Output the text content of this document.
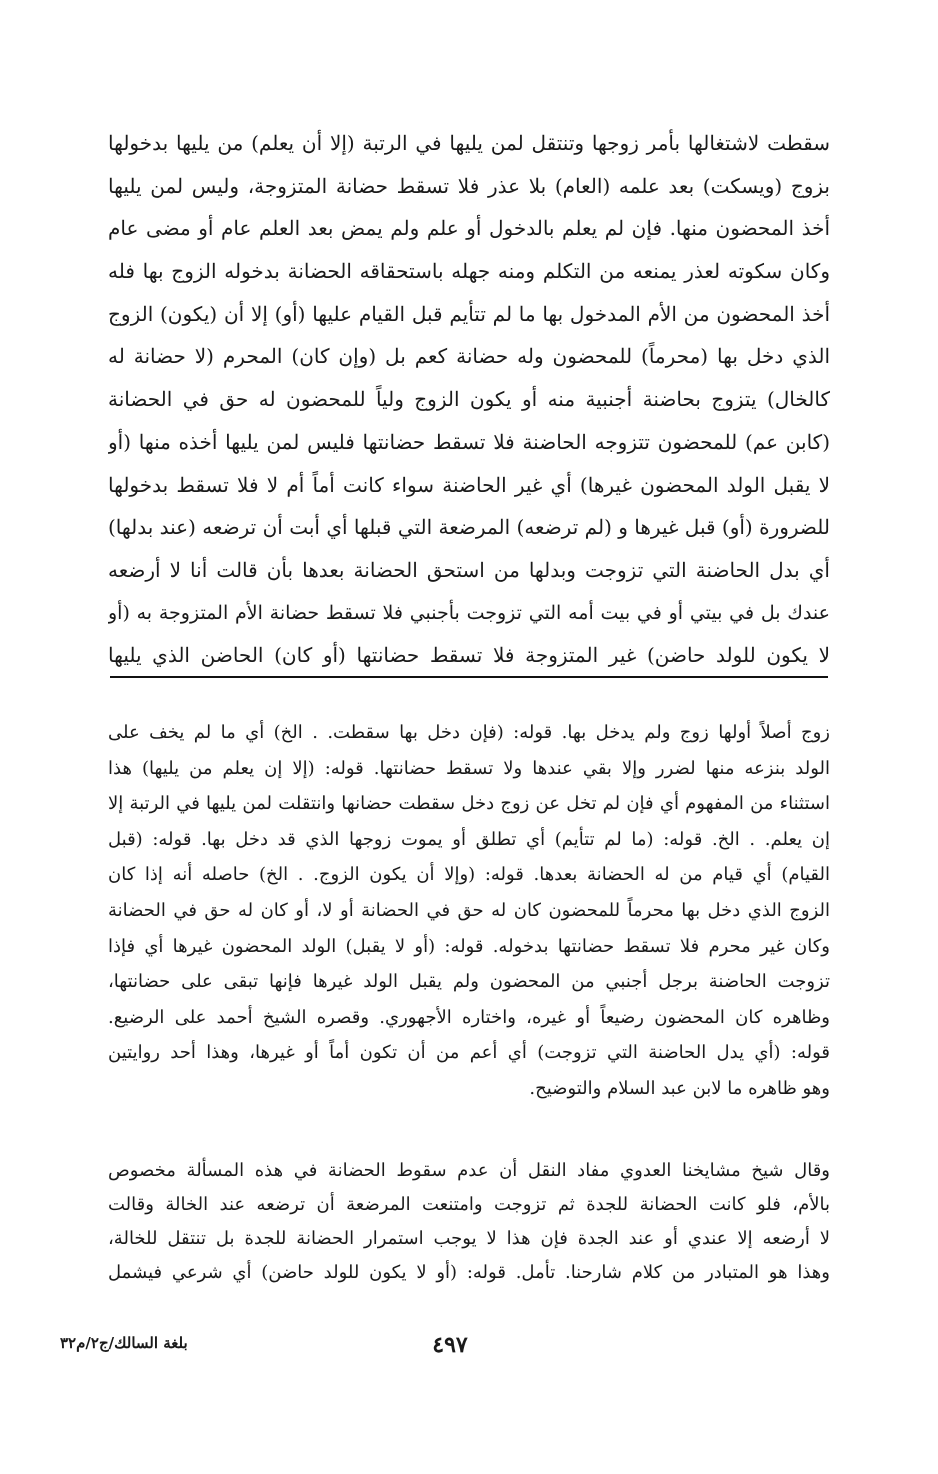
سقطت لاشتغالها بأمر زوجها وتنتقل لمن يليها في الرتبة (إلا أن يعلم) من يليها بدخولها
بزوج (ويسكت) بعد علمه (العام) بلا عذر فلا تسقط حضانة المتزوجة، وليس لمن يليها
أخذ المحضون منها. فإن لم يعلم بالدخول أو علم ولم يمض بعد العلم عام أو مضى عام
وكان سكوته لعذر يمنعه من التكلم ومنه جهله باستحقاقه الحضانة بدخوله الزوج بها فله
أخذ المحضون من الأم المدخول بها ما لم تتأيم قبل القيام عليها (أو) إلا أن (يكون) الزوج
الذي دخل بها (محرماً) للمحضون وله حضانة كعم بل (وإن كان) المحرم (لا حضانة له
كالخال) يتزوج بحاضنة أجنبية منه أو يكون الزوج ولياً للمحضون له حق في الحضانة
(كابن عم) للمحضون تتزوجه الحاضنة فلا تسقط حضانتها فليس لمن يليها أخذه منها (أو
لا يقبل الولد المحضون غيرها) أي غير الحاضنة سواء كانت أماً أم لا فلا تسقط بدخولها
للضرورة (أو) قبل غيرها و (لم ترضعه) المرضعة التي قبلها أي أبت أن ترضعه (عند بدلها)
أي بدل الحاضنة التي تزوجت وبدلها من استحق الحضانة بعدها بأن قالت أنا لا أرضعه
عندك بل في بيتي أو في بيت أمه التي تزوجت بأجنبي فلا تسقط حضانة الأم المتزوجة به (أو
لا يكون للولد حاضن) غير المتزوجة فلا تسقط حضانتها (أو كان) الحاضن الذي يليها
زوج أصلاً أولها زوج ولم يدخل بها. قوله: (فإن دخل بها سقطت. . الخ) أي ما لم يخف على
الولد بنزعه منها لضرر وإلا بقي عندها ولا تسقط حضانتها. قوله: (إلا إن يعلم من يليها) هذا
استثناء من المفهوم أي فإن لم تخل عن زوج دخل سقطت حضانها وانتقلت لمن يليها في الرتبة إلا
إن يعلم. . الخ. قوله: (ما لم تتأيم) أي تطلق أو يموت زوجها الذي قد دخل بها. قوله: (قبل
القيام) أي قيام من له الحضانة بعدها. قوله: (وإلا أن يكون الزوج. . الخ) حاصله أنه إذا كان
الزوج الذي دخل بها محرماً للمحضون كان له حق في الحضانة أو لا، أو كان له حق في الحضانة
وكان غير محرم فلا تسقط حضانتها بدخوله. قوله: (أو لا يقبل) الولد المحضون غيرها أي فإذا
تزوجت الحاضنة برجل أجنبي من المحضون ولم يقبل الولد غيرها فإنها تبقى على حضانتها،
وظاهره كان المحضون رضيعاً أو غيره، واختاره الأجهوري. وقصره الشيخ أحمد على الرضيع.
قوله: (أي يدل الحاضنة التي تزوجت) أي أعم من أن تكون أماً أو غيرها، وهذا أحد روايتين
وهو ظاهره ما لابن عبد السلام والتوضيح.
وقال شيخ مشايخنا العدوي مفاد النقل أن عدم سقوط الحضانة في هذه المسألة مخصوص
بالأم، فلو كانت الحضانة للجدة ثم تزوجت وامتنعت المرضعة أن ترضعه عند الخالة وقالت
لا أرضعه إلا عندي أو عند الجدة فإن هذا لا يوجب استمرار الحضانة للجدة بل تنتقل للخالة،
وهذا هو المتبادر من كلام شارحنا. تأمل. قوله: (أو لا يكون للولد حاضن) أي شرعي فيشمل
٤٩٧
بلغة السالك/ج٢/م٣٢
